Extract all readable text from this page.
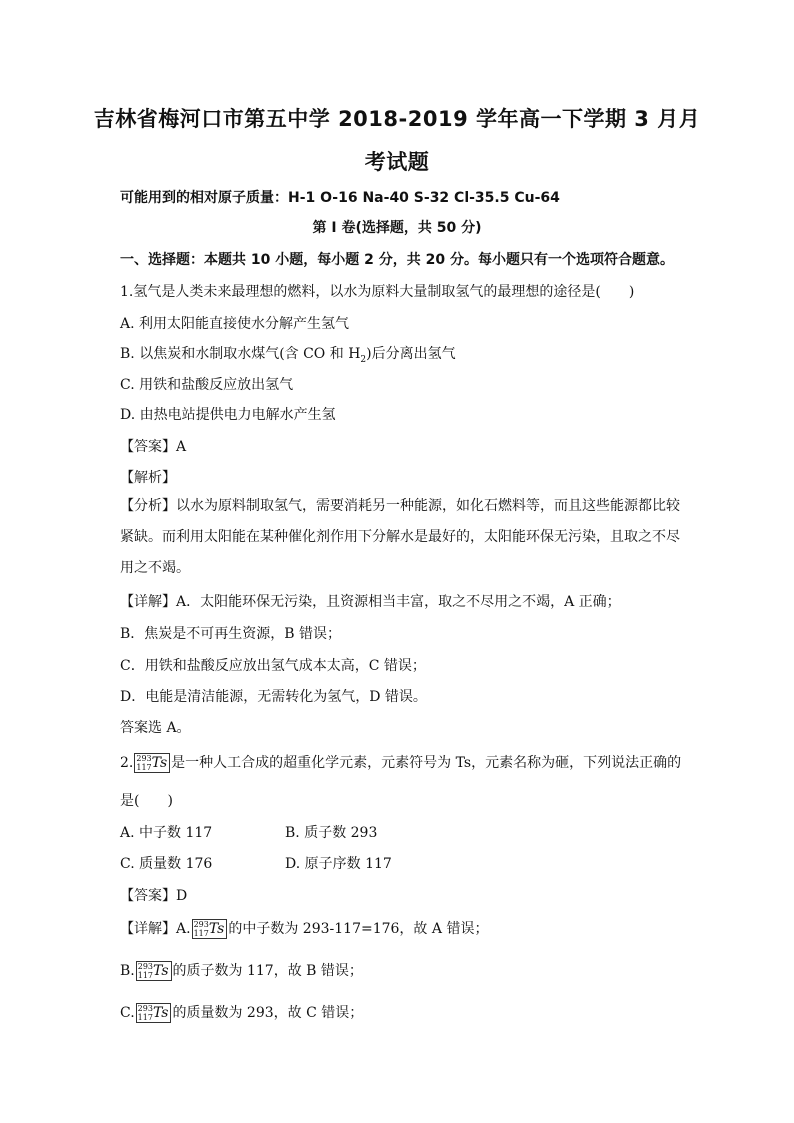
吉林省梅河口市第五中学 2018-2019 学年高一下学期 3 月月
考试题
可能用到的相对原子质量：H-1 O-16 Na-40 S-32 Cl-35.5 Cu-64
第 I 卷(选择题，共 50 分)
一、选择题：本题共 10 小题，每小题 2 分，共 20 分。每小题只有一个选项符合题意。
1.氢气是人类未来最理想的燃料，以水为原料大量制取氢气的最理想的途径是(　　)
A. 利用太阳能直接使水分解产生氢气
B. 以焦炭和水制取水煤气(含 CO 和 $H_2$)后分离出氢气
C. 用铁和盐酸反应放出氢气
D. 由热电站提供电力电解水产生氢
【答案】A
【解析】
【分析】以水为原料制取氢气，需要消耗另一种能源，如化石燃料等，而且这些能源都比较紧缺。而利用太阳能在某种催化剂作用下分解水是最好的，太阳能环保无污染，且取之不尽用之不竭。
【详解】A．太阳能环保无污染，且资源相当丰富，取之不尽用之不竭，A 正确；
B．焦炭是不可再生资源，B 错误；
C．用铁和盐酸反应放出氢气成本太高，C 错误；
D．电能是清洁能源，无需转化为氢气，D 错误。
答案选 A。
2. 293
117Ts 是一种人工合成的超重化学元素，元素符号为 Ts，元素名称为砸，下列说法正确的
是(　　)
A. 中子数 117	B. 质子数 293
C. 质量数 176	D. 原子序数 117
【答案】D
【详解】A. 293
117Ts 的中子数为 293-117=176，故 A 错误；
B. 293
117Ts 的质子数为 117，故 B 错误；
C. 293
117Ts 的质量数为 293，故 C 错误；
